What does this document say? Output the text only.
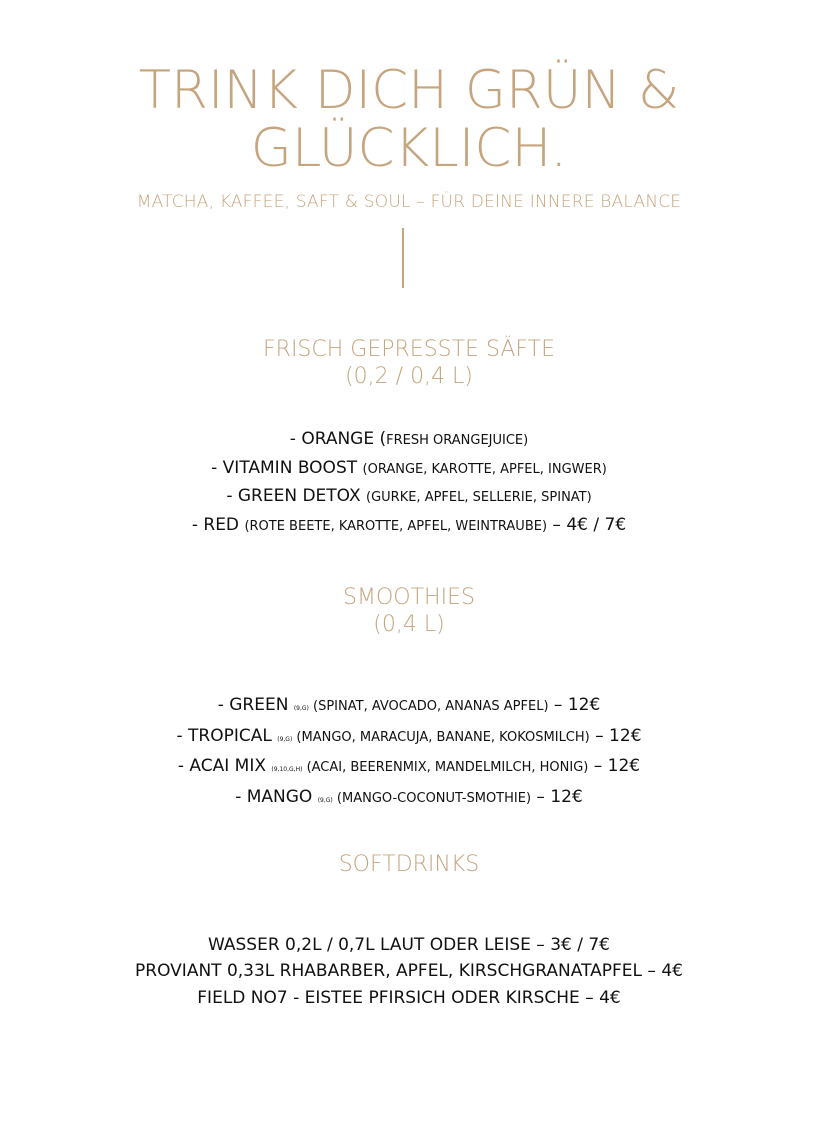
TRINK DICH GRÜN &
GLÜCKLICH.
MATCHA, KAFFEE, SAFT & SOUL – FÜR DEINE INNERE BALANCE
FRISCH GEPRESSTE SÄFTE
(0,2 / 0,4 L)
- ORANGE (FRESH ORANGEJUICE)
- VITAMIN BOOST (ORANGE, KAROTTE, APFEL, INGWER)
- GREEN DETOX (GURKE, APFEL, SELLERIE, SPINAT)
- RED (ROTE BEETE, KAROTTE, APFEL, WEINTRAUBE) – 4€ / 7€
SMOOTHIES
(0,4 L)
- GREEN (9,G) (SPINAT, AVOCADO, ANANAS APFEL) – 12€
- TROPICAL (9,G) (MANGO, MARACUJA, BANANE, KOKOSMILCH) – 12€
- ACAI MIX (9,10,G,H) (ACAI, BEERENMIX, MANDELMILCH, HONIG) – 12€
- MANGO (9,G) (MANGO-COCONUT-SMOTHIE) – 12€
SOFTDRINKS
WASSER 0,2L / 0,7L LAUT ODER LEISE – 3€ / 7€
PROVIANT 0,33L RHABARBER, APFEL, KIRSCHGRANATAPFEL – 4€
FIELD NO7 - EISTEE PFIRSICH ODER KIRSCHE – 4€
